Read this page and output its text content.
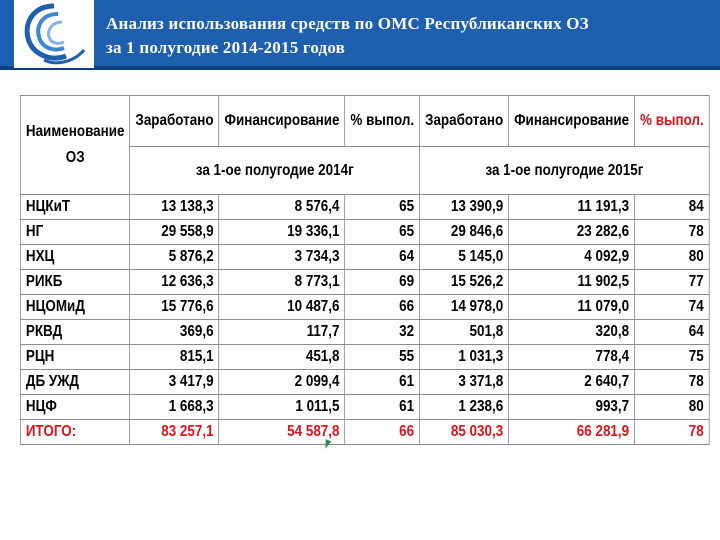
Анализ использования средств по ОМС Республиканских ОЗ
за 1 полугодие 2014-2015 годов
Наименование ОЗ	Заработано	Финансирование	% выпол.	Заработано	Финансирование	% выпол.
	за 1-ое полугодие 2014г			за 1-ое полугодие 2015г		
НЦКиТ	13 138,3	8 576,4	65	13 390,9	11 191,3	84
НГ	29 558,9	19 336,1	65	29 846,6	23 282,6	78
НХЦ	5 876,2	3 734,3	64	5 145,0	4 092,9	80
РИКБ	12 636,3	8 773,1	69	15 526,2	11 902,5	77
НЦОМиД	15 776,6	10 487,6	66	14 978,0	11 079,0	74
РКВД	369,6	117,7	32	501,8	320,8	64
РЦН	815,1	451,8	55	1 031,3	778,4	75
ДБ УЖД	3 417,9	2 099,4	61	3 371,8	2 640,7	78
НЦФ	1 668,3	1 011,5	61	1 238,6	993,7	80
ИТОГО:	83 257,1	54 587,8	66	85 030,3	66 281,9	78
